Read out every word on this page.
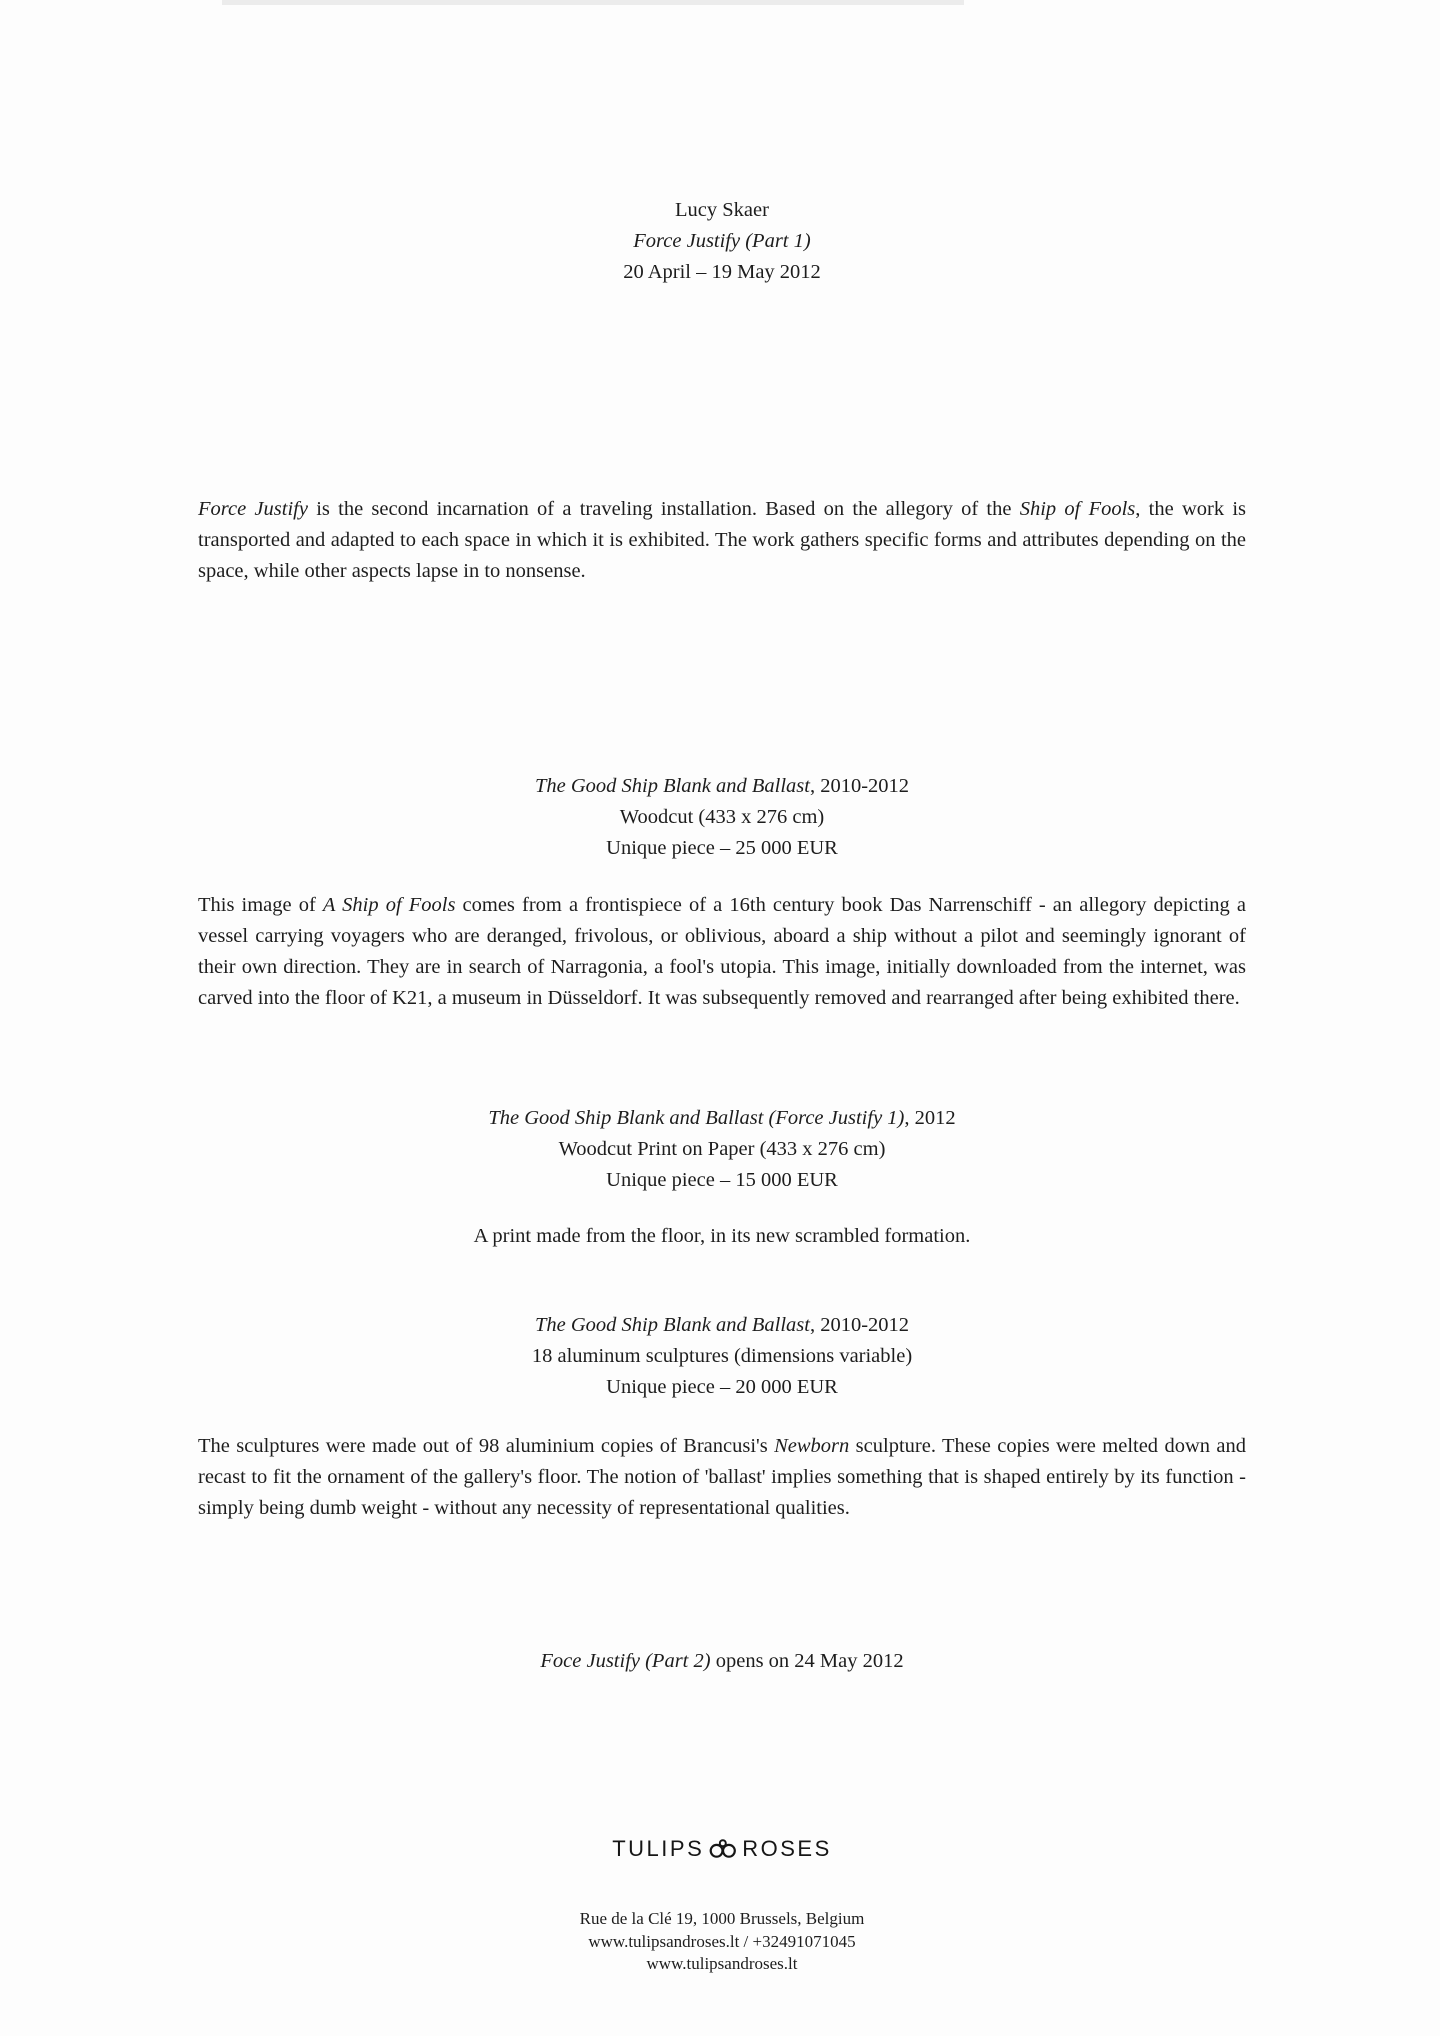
Lucy Skaer
Force Justify (Part 1)
20 April – 19 May 2012

Force Justify is the second incarnation of a traveling installation. Based on the allegory of the Ship of Fools, the work is transported and adapted to each space in which it is exhibited. The work gathers specific forms and attributes depending on the space, while other aspects lapse in to nonsense.

The Good Ship Blank and Ballast, 2010-2012
Woodcut (433 x 276 cm)
Unique piece – 25 000 EUR

This image of A Ship of Fools comes from a frontispiece of a 16th century book Das Narrenschiff - an allegory depicting a vessel carrying voyagers who are deranged, frivolous, or oblivious, aboard a ship without a pilot and seemingly ignorant of their own direction. They are in search of Narragonia, a fool's utopia. This image, initially downloaded from the internet, was carved into the floor of K21, a museum in Düsseldorf. It was subsequently removed and rearranged after being exhibited there.

The Good Ship Blank and Ballast (Force Justify 1), 2012
Woodcut Print on Paper (433 x 276 cm)
Unique piece – 15 000 EUR

A print made from the floor, in its new scrambled formation.

The Good Ship Blank and Ballast, 2010-2012
18 aluminum sculptures (dimensions variable)
Unique piece – 20 000 EUR

The sculptures were made out of 98 aluminium copies of Brancusi's Newborn sculpture. These copies were melted down and recast to fit the ornament of the gallery's floor. The notion of 'ballast' implies something that is shaped entirely by its function - simply being dumb weight - without any necessity of representational qualities.

Foce Justify (Part 2) opens on 24 May 2012

TULIPS ROSES
Rue de la Clé 19, 1000 Brussels, Belgium
www.tulipsandroses.lt / +32491071045
www.tulipsandroses.lt
